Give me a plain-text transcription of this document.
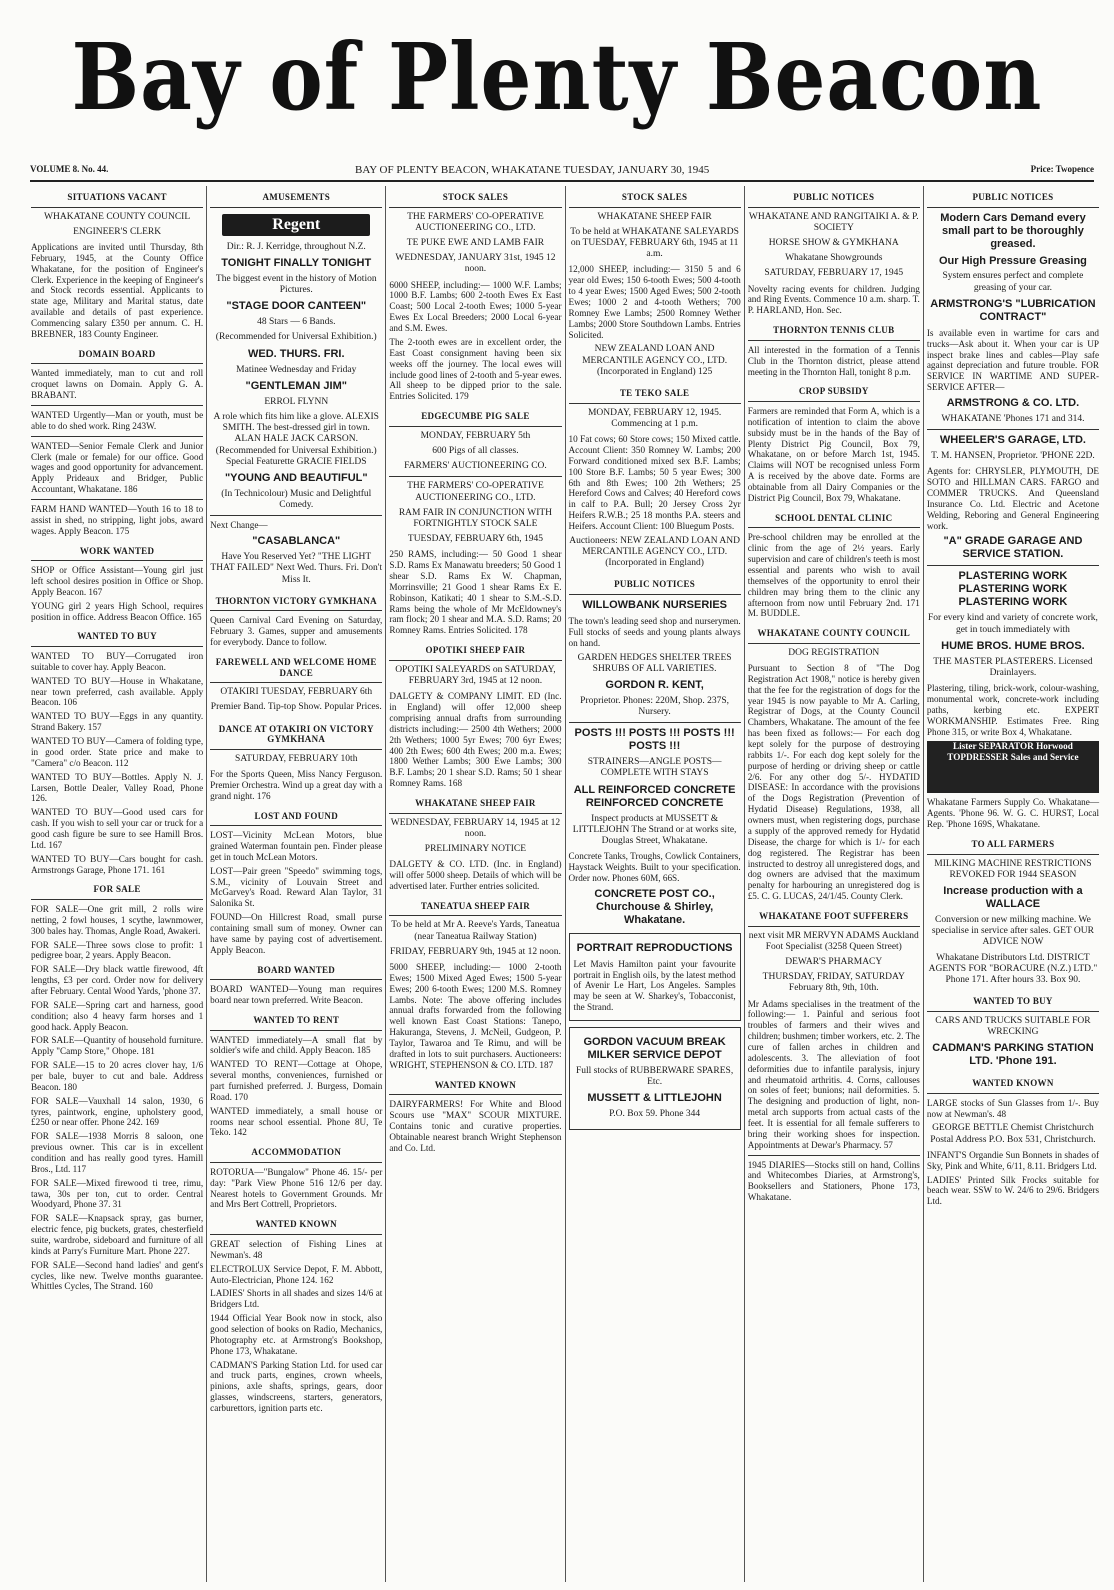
Bay of Plenty Beacon
VOLUME 8. No. 44.	BAY OF PLENTY BEACON, WHAKATANE TUESDAY, JANUARY 30, 1945	Price: Twopence
SITUATIONS VACANT
WHAKATANE COUNTY COUNCIL
ENGINEER'S CLERK
Applications are invited until Thursday, 8th February, 1945, at the County Office Whakatane, for the position of Engineer's Clerk. Experience in the keeping of Engineer's and Stock records essential. Applicants to state age, Military and Marital status, date available and details of past experience. Commencing salary £350 per annum. C. H. BREBNER, 183 County Engineer.
DOMAIN BOARD
Wanted immediately, man to cut and roll croquet lawns on Domain. Apply G. A. BRABANT.
WANTED Urgently—Man or youth, must be able to do shed work. Ring 243W.
WANTED—Senior Female Clerk and Junior Clerk (male or female) for our office. Good wages and good opportunity for advancement. Apply Prideaux and Bridger, Public Accountant, Whakatane. 186
FARM HAND WANTED—Youth 16 to 18 to assist in shed, no stripping, light jobs, award wages. Apply Beacon. 175
WORK WANTED
SHOP or Office Assistant—Young girl just left school desires position in Office or Shop. Apply Beacon. 167
YOUNG girl 2 years High School, requires position in office. Address Beacon Office. 165
WANTED TO BUY
WANTED TO BUY—Corrugated iron suitable to cover hay. Apply Beacon.
WANTED TO BUY—House in Whakatane, near town preferred, cash available. Apply Beacon. 106
WANTED TO BUY—Eggs in any quantity. Strand Bakery. 157
WANTED TO BUY—Camera of folding type, in good order. State price and make to "Camera" c/o Beacon. 112
WANTED TO BUY—Bottles. Apply N. J. Larsen, Bottle Dealer, Valley Road, Phone 126.
WANTED TO BUY—Good used cars for cash. If you wish to sell your car or truck for a good cash figure be sure to see Hamill Bros. Ltd. 167
WANTED TO BUY—Cars bought for cash. Armstrongs Garage, Phone 171. 161
FOR SALE
FOR SALE—One grit mill, 2 rolls wire netting, 2 fowl houses, 1 scythe, lawnmower, 300 bales hay. Thomas, Angle Road, Awakeri.
FOR SALE—Three sows close to profit: 1 pedigree boar, 2 years. Apply Beacon.
FOR SALE—Dry black wattle firewood, 4ft lengths, £3 per cord. Order now for delivery after February. Cental Wood Yards, 'phone 37.
FOR SALE—Spring cart and harness, good condition; also 4 heavy farm horses and 1 good hack. Apply Beacon.
FOR SALE—Quantity of household furniture. Apply "Camp Store," Ohope. 181
FOR SALE—15 to 20 acres clover hay, 1/6 per bale, buyer to cut and bale. Address Beacon. 180
FOR SALE—Vauxhall 14 salon, 1930, 6 tyres, paintwork, engine, upholstery good, £250 or near offer. Phone 242. 169
FOR SALE—1938 Morris 8 saloon, one previous owner. This car is in excellent condition and has really good tyres. Hamill Bros., Ltd. 117
FOR SALE—Mixed firewood ti tree, rimu, tawa, 30s per ton, cut to order. Central Woodyard, Phone 37. 31
FOR SALE—Knapsack spray, gas burner, electric fence, pig buckets, grates, chesterfield suite, wardrobe, sideboard and furniture of all kinds at Parry's Furniture Mart. Phone 227.
FOR SALE—Second hand ladies' and gent's cycles, like new. Twelve months guarantee. Whittles Cycles, The Strand. 160
AMUSEMENTS
Regent
Dir.: R. J. Kerridge, throughout N.Z.
TONIGHT FINALLY TONIGHT
The biggest event in the history of Motion Pictures.
"STAGE DOOR CANTEEN"
48 Stars — 6 Bands.
(Recommended for Universal Exhibition.)
WED. THURS. FRI.
Matinee Wednesday and Friday
"GENTLEMAN JIM"
ERROL FLYNN
A role which fits him like a glove. ALEXIS SMITH. The best-dressed girl in town. ALAN HALE JACK CARSON. (Recommended for Universal Exhibition.) Special Featurette GRACIE FIELDS
"YOUNG AND BEAUTIFUL"
(In Technicolour) Music and Delightful Comedy.
Next Change—
"CASABLANCA"
Have You Reserved Yet? "THE LIGHT THAT FAILED" Next Wed. Thurs. Fri. Don't Miss It.
THORNTON VICTORY GYMKHANA
Queen Carnival Card Evening on Saturday, February 3. Games, supper and amusements for everybody. Dance to follow.
FAREWELL AND WELCOME HOME DANCE
OTAKIRI TUESDAY, FEBRUARY 6th
Premier Band. Tip-top Show. Popular Prices.
DANCE AT OTAKIRI ON VICTORY GYMKHANA
SATURDAY, FEBRUARY 10th
For the Sports Queen, Miss Nancy Ferguson. Premier Orchestra. Wind up a great day with a grand night. 176
LOST AND FOUND
LOST—Vicinity McLean Motors, blue grained Waterman fountain pen. Finder please get in touch McLean Motors.
LOST—Pair green "Speedo" swimming togs, S.M., vicinity of Louvain Street and McGarvey's Road. Reward Alan Taylor, 31 Salonika St.
FOUND—On Hillcrest Road, small purse containing small sum of money. Owner can have same by paying cost of advertisement. Apply Beacon.
BOARD WANTED
BOARD WANTED—Young man requires board near town preferred. Write Beacon.
WANTED TO RENT
WANTED immediately—A small flat by soldier's wife and child. Apply Beacon. 185
WANTED TO RENT—Cottage at Ohope, several months, conveniences, furnished or part furnished preferred. J. Burgess, Domain Road. 170
WANTED immediately, a small house or rooms near school essential. Phone 8U, Te Teko. 142
ACCOMMODATION
ROTORUA—"Bungalow" Phone 46. 15/- per day: "Park View Phone 516 12/6 per day. Nearest hotels to Government Grounds. Mr and Mrs Bert Cottrell, Proprietors.
WANTED KNOWN
GREAT selection of Fishing Lines at Newman's. 48
ELECTROLUX Service Depot, F. M. Abbott, Auto-Electrician, Phone 124. 162
LADIES' Shorts in all shades and sizes 14/6 at Bridgers Ltd.
1944 Official Year Book now in stock, also good selection of books on Radio, Mechanics, Photography etc. at Armstrong's Bookshop, Phone 173, Whakatane.
CADMAN'S Parking Station Ltd. for used car and truck parts, engines, crown wheels, pinions, axle shafts, springs, gears, door glasses, windscreens, starters, generators, carburettors, ignition parts etc.
STOCK SALES
THE FARMERS' CO-OPERATIVE AUCTIONEERING CO., LTD.
TE PUKE EWE AND LAMB FAIR
WEDNESDAY, JANUARY 31st, 1945 12 noon.
6000 SHEEP, including:— 1000 W.F. Lambs; 1000 B.F. Lambs; 600 2-tooth Ewes Ex East Coast; 500 Local 2-tooth Ewes; 1000 5-year Ewes Ex Local Breeders; 2000 Local 6-year and S.M. Ewes.
The 2-tooth ewes are in excellent order, the East Coast consignment having been six weeks off the journey. The local ewes will include good lines of 2-tooth and 5-year ewes. All sheep to be dipped prior to the sale. Entries Solicited. 179
EDGECUMBE PIG SALE
MONDAY, FEBRUARY 5th
600 Pigs of all classes.
FARMERS' AUCTIONEERING CO.
THE FARMERS' CO-OPERATIVE AUCTIONEERING CO., LTD.
RAM FAIR IN CONJUNCTION WITH FORTNIGHTLY STOCK SALE
TUESDAY, FEBRUARY 6th, 1945
250 RAMS, including:— 50 Good 1 shear S.D. Rams Ex Manawatu breeders; 50 Good 1 shear S.D. Rams Ex W. Chapman, Morrinsville; 21 Good 1 shear Rams Ex E. Robinson, Katikati; 40 1 shear to S.M.-S.D. Rams being the whole of Mr McEldowney's ram flock; 20 1 shear and M.A. S.D. Rams; 20 Romney Rams. Entries Solicited. 178
OPOTIKI SHEEP FAIR
OPOTIKI SALEYARDS on SATURDAY, FEBRUARY 3rd, 1945 at 12 noon.
DALGETY & COMPANY LIMIT. ED (Inc. in England) will offer 12,000 sheep comprising annual drafts from surrounding districts including:— 2500 4th Wethers; 2000 2th Wethers; 1000 5yr Ewes; 700 6yr Ewes; 400 2th Ewes; 600 4th Ewes; 200 m.a. Ewes; 1800 Wether Lambs; 300 Ewe Lambs; 300 B.F. Lambs; 20 1 shear S.D. Rams; 50 1 shear Romney Rams. 168
WHAKATANE SHEEP FAIR
WEDNESDAY, FEBRUARY 14, 1945 at 12 noon.
PRELIMINARY NOTICE
DALGETY & CO. LTD. (Inc. in England) will offer 5000 sheep. Details of which will be advertised later. Further entries solicited.
TANEATUA SHEEP FAIR
To be held at Mr A. Reeve's Yards, Taneatua (near Taneatua Railway Station)
FRIDAY, FEBRUARY 9th, 1945 at 12 noon.
5000 SHEEP, including:— 1000 2-tooth Ewes; 1500 Mixed Aged Ewes; 1500 5-year Ewes; 200 6-tooth Ewes; 1200 M.S. Romney Lambs. Note: The above offering includes annual drafts forwarded from the following well known East Coast Stations: Tanepo, Hakuranga, Stevens, J. McNeil, Gudgeon, P. Taylor, Tawaroa and Te Rimu, and will be drafted in lots to suit purchasers. Auctioneers: WRIGHT, STEPHENSON & CO. LTD. 187
WANTED KNOWN
DAIRYFARMERS! For White and Blood Scours use "MAX" SCOUR MIXTURE. Contains tonic and curative properties. Obtainable nearest branch Wright Stephenson and Co. Ltd.
STOCK SALES
WHAKATANE SHEEP FAIR
To be held at WHAKATANE SALEYARDS on TUESDAY, FEBRUARY 6th, 1945 at 11 a.m.
12,000 SHEEP, including:— 3150 5 and 6 year old Ewes; 150 6-tooth Ewes; 500 4-tooth to 4 year Ewes; 1500 Aged Ewes; 500 2-tooth Ewes; 1000 2 and 4-tooth Wethers; 700 Romney Ewe Lambs; 2500 Romney Wether Lambs; 2000 Store Southdown Lambs. Entries Solicited.
NEW ZEALAND LOAN AND MERCANTILE AGENCY CO., LTD. (Incorporated in England) 125
TE TEKO SALE
MONDAY, FEBRUARY 12, 1945. Commencing at 1 p.m.
10 Fat cows; 60 Store cows; 150 Mixed cattle. Account Client: 350 Romney W. Lambs; 200 Forward conditioned mixed sex B.F. Lambs; 100 Store B.F. Lambs; 50 5 year Ewes; 300 6th and 8th Ewes; 100 2th Wethers; 25 Hereford Cows and Calves; 40 Hereford cows in calf to P.A. Bull; 20 Jersey Cross 2yr Heifers R.W.B.; 25 18 months P.A. steers and Heifers. Account Client: 100 Bluegum Posts.
Auctioneers: NEW ZEALAND LOAN AND MERCANTILE AGENCY CO., LTD. (Incorporated in England)
PUBLIC NOTICES
WILLOWBANK NURSERIES
The town's leading seed shop and nurserymen. Full stocks of seeds and young plants always on hand.
GARDEN HEDGES SHELTER TREES SHRUBS OF ALL VARIETIES.
GORDON R. KENT,
Proprietor. Phones: 220M, Shop. 237S, Nursery.
POSTS !!! POSTS !!! POSTS !!! POSTS !!!
STRAINERS—ANGLE POSTS—COMPLETE WITH STAYS
ALL REINFORCED CONCRETE REINFORCED CONCRETE
Inspect products at MUSSETT & LITTLEJOHN The Strand or at works site, Douglas Street, Whakatane.
Concrete Tanks, Troughs, Cowlick Containers, Haystack Weights. Built to your specification. Order now. Phones 60M, 66S.
CONCRETE POST CO., Churchouse & Shirley, Whakatane.
PORTRAIT REPRODUCTIONS
Let Mavis Hamilton paint your favourite portrait in English oils, by the latest method of Avenir Le Hart, Los Angeles. Samples may be seen at W. Sharkey's, Tobacconist, the Strand.
GORDON VACUUM BREAK MILKER SERVICE DEPOT
Full stocks of RUBBERWARE SPARES, Etc.
MUSSETT & LITTLEJOHN
P.O. Box 59. Phone 344
PUBLIC NOTICES
WHAKATANE AND RANGITAIKI A. & P. SOCIETY
HORSE SHOW & GYMKHANA
Whakatane Showgrounds
SATURDAY, FEBRUARY 17, 1945
Novelty racing events for children. Judging and Ring Events. Commence 10 a.m. sharp. T. P. HARLAND, Hon. Sec.
THORNTON TENNIS CLUB
All interested in the formation of a Tennis Club in the Thornton district, please attend meeting in the Thornton Hall, tonight 8 p.m.
CROP SUBSIDY
Farmers are reminded that Form A, which is a notification of intention to claim the above subsidy must be in the hands of the Bay of Plenty District Pig Council, Box 79, Whakatane, on or before March 1st, 1945. Claims will NOT be recognised unless Form A is received by the above date. Forms are obtainable from all Dairy Companies or the District Pig Council, Box 79, Whakatane.
SCHOOL DENTAL CLINIC
Pre-school children may be enrolled at the clinic from the age of 2½ years. Early supervision and care of children's teeth is most essential and parents who wish to avail themselves of the opportunity to enrol their children may bring them to the clinic any afternoon from now until February 2nd. 171 M. BUDDLE.
WHAKATANE COUNTY COUNCIL
DOG REGISTRATION
Pursuant to Section 8 of "The Dog Registration Act 1908," notice is hereby given that the fee for the registration of dogs for the year 1945 is now payable to Mr A. Carling, Registrar of Dogs, at the County Council Chambers, Whakatane. The amount of the fee has been fixed as follows:— For each dog kept solely for the purpose of destroying rabbits 1/-. For each dog kept solely for the purpose of herding or driving sheep or cattle 2/6. For any other dog 5/-. HYDATID DISEASE: In accordance with the provisions of the Dogs Registration (Prevention of Hydatid Disease) Regulations, 1938, all owners must, when registering dogs, purchase a supply of the approved remedy for Hydatid Disease, the charge for which is 1/- for each dog registered. The Registrar has been instructed to destroy all unregistered dogs, and dog owners are advised that the maximum penalty for harbouring an unregistered dog is £5. C. G. LUCAS, 24/1/45. County Clerk.
WHAKATANE FOOT SUFFERERS
next visit MR MERVYN ADAMS Auckland Foot Specialist (3258 Queen Street)
DEWAR'S PHARMACY
THURSDAY, FRIDAY, SATURDAY February 8th, 9th, 10th.
Mr Adams specialises in the treatment of the following:— 1. Painful and serious foot troubles of farmers and their wives and children; bushmen; timber workers, etc. 2. The cure of fallen arches in children and adolescents. 3. The alleviation of foot deformities due to infantile paralysis, injury and rheumatoid arthritis. 4. Corns, callouses on soles of feet; bunions; nail deformities. 5. The designing and production of light, non-metal arch supports from actual casts of the feet. It is essential for all female sufferers to bring their working shoes for inspection. Appointments at Dewar's Pharmacy. 57
1945 DIARIES—Stocks still on hand, Collins and Whitecombes Diaries, at Armstrong's, Booksellers and Stationers, Phone 173, Whakatane.
PUBLIC NOTICES
Modern Cars Demand every small part to be thoroughly greased.
Our High Pressure Greasing
System ensures perfect and complete greasing of your car.
ARMSTRONG'S "LUBRICATION CONTRACT"
Is available even in wartime for cars and trucks—Ask about it. When your car is UP inspect brake lines and cables—Play safe against depreciation and future trouble. FOR SERVICE IN WARTIME AND SUPER-SERVICE AFTER—
ARMSTRONG & CO. LTD.
WHAKATANE 'Phones 171 and 314.
WHEELER'S GARAGE, LTD.
T. M. HANSEN, Proprietor. 'PHONE 22D.
Agents for: CHRYSLER, PLYMOUTH, DE SOTO and HILLMAN CARS. FARGO and COMMER TRUCKS. And Queensland Insurance Co. Ltd. Electric and Acetone Welding, Reboring and General Engineering work.
"A" GRADE GARAGE AND SERVICE STATION.
PLASTERING WORK PLASTERING WORK PLASTERING WORK
For every kind and variety of concrete work, get in touch immediately with
HUME BROS. HUME BROS.
THE MASTER PLASTERERS. Licensed Drainlayers.
Plastering, tiling, brick-work, colour-washing, monumental work, concrete-work including paths, kerbing etc. EXPERT WORKMANSHIP. Estimates Free. Ring Phone 315, or write Box 4, Whakatane.
Lister SEPARATOR Horwood TOPDRESSER Sales and Service
Whakatane Farmers Supply Co. Whakatane— Agents. 'Phone 96. W. G. C. HURST, Local Rep. 'Phone 169S, Whakatane.
TO ALL FARMERS
MILKING MACHINE RESTRICTIONS REVOKED FOR 1944 SEASON
Increase production with a WALLACE
Conversion or new milking machine. We specialise in service after sales. GET OUR ADVICE NOW
Whakatane Distributors Ltd. DISTRICT AGENTS FOR "BORACURE (N.Z.) LTD." Phone 171. After hours 33. Box 90.
WANTED TO BUY
CARS AND TRUCKS SUITABLE FOR WRECKING
CADMAN'S PARKING STATION LTD. 'Phone 191.
WANTED KNOWN
LARGE stocks of Sun Glasses from 1/-. Buy now at Newman's. 48
GEORGE BETTLE Chemist Christchurch Postal Address P.O. Box 531, Christchurch.
INFANT'S Organdie Sun Bonnets in shades of Sky, Pink and White, 6/11, 8.11. Bridgers Ltd.
LADIES' Printed Silk Frocks suitable for beach wear. SSW to W. 24/6 to 29/6. Bridgers Ltd.
